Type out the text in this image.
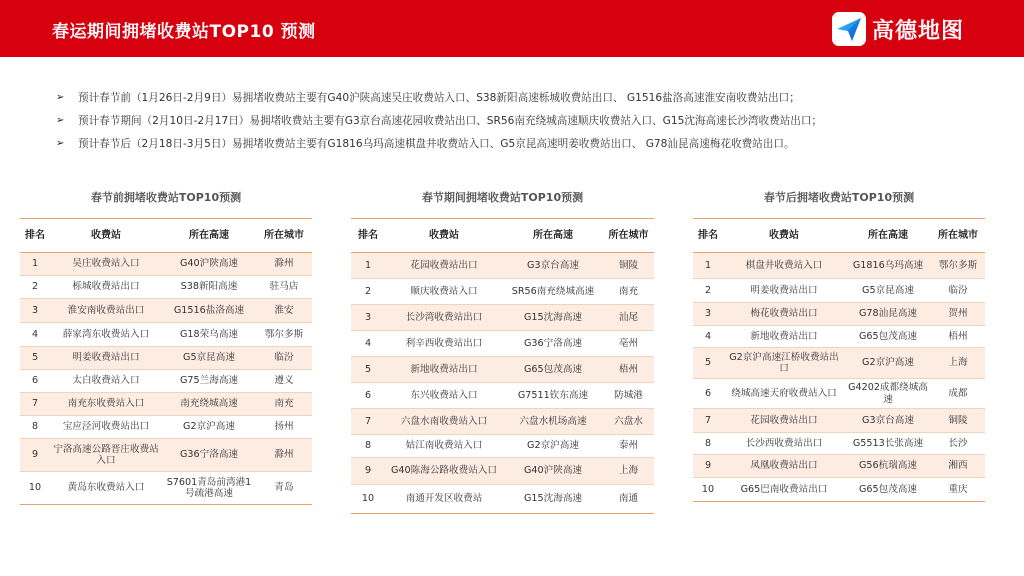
春运期间拥堵收费站TOP10 预测	高德地图
➢	预计春节前（1月26日-2月9日）易拥堵收费站主要有G40沪陕高速吴庄收费站入口、S38新阳高速栎城收费站出口、 G1516盐洛高速淮安南收费站出口；
➢	预计春节期间（2月10日-2月17日）易拥堵收费站主要有G3京台高速花园收费站出口、SR56南充绕城高速顺庆收费站入口、G15沈海高速长沙湾收费站出口；
➢	预计春节后（2月18日-3月5日）易拥堵收费站主要有G1816乌玛高速棋盘井收费站入口、G5京昆高速明姜收费站出口、 G78汕昆高速梅花收费站出口。
春节前拥堵收费站TOP10预测
排名	收费站	所在高速	所在城市
1	吴庄收费站入口	G40沪陕高速	滁州
2	栎城收费站出口	S38新阳高速	驻马店
3	淮安南收费站出口	G1516盐洛高速	淮安
4	薛家湾东收费站入口	G18荣乌高速	鄂尔多斯
5	明姜收费站出口	G5京昆高速	临汾
6	太白收费站入口	G75兰海高速	遵义
7	南充东收费站入口	南充绕城高速	南充
8	宝应泾河收费站出口	G2京沪高速	扬州
9	宁洛高速公路晋庄收费站入口	G36宁洛高速	滁州
10	黄岛东收费站入口	S7601青岛前湾港1号疏港高速	青岛
春节期间拥堵收费站TOP10预测
排名	收费站	所在高速	所在城市
1	花园收费站出口	G3京台高速	铜陵
2	顺庆收费站入口	SR56南充绕城高速	南充
3	长沙湾收费站出口	G15沈海高速	汕尾
4	利辛西收费站出口	G36宁洛高速	亳州
5	新地收费站出口	G65包茂高速	梧州
6	东兴收费站入口	G7511钦东高速	防城港
7	六盘水南收费站入口	六盘水机场高速	六盘水
8	姑江南收费站入口	G2京沪高速	泰州
9	G40陈海公路收费站入口	G40沪陕高速	上海
10	南通开发区收费站	G15沈海高速	南通
春节后拥堵收费站TOP10预测
排名	收费站	所在高速	所在城市
1	棋盘井收费站入口	G1816乌玛高速	鄂尔多斯
2	明姜收费站出口	G5京昆高速	临汾
3	梅花收费站出口	G78汕昆高速	贺州
4	新地收费站出口	G65包茂高速	梧州
5	G2京沪高速江桥收费站出口	G2京沪高速	上海
6	绕城高速天府收费站入口	G4202成都绕城高速	成都
7	花园收费站出口	G3京台高速	铜陵
8	长沙西收费站出口	G5513长张高速	长沙
9	凤凰收费站出口	G56杭瑞高速	湘西
10	G65巴南收费站出口	G65包茂高速	重庆
